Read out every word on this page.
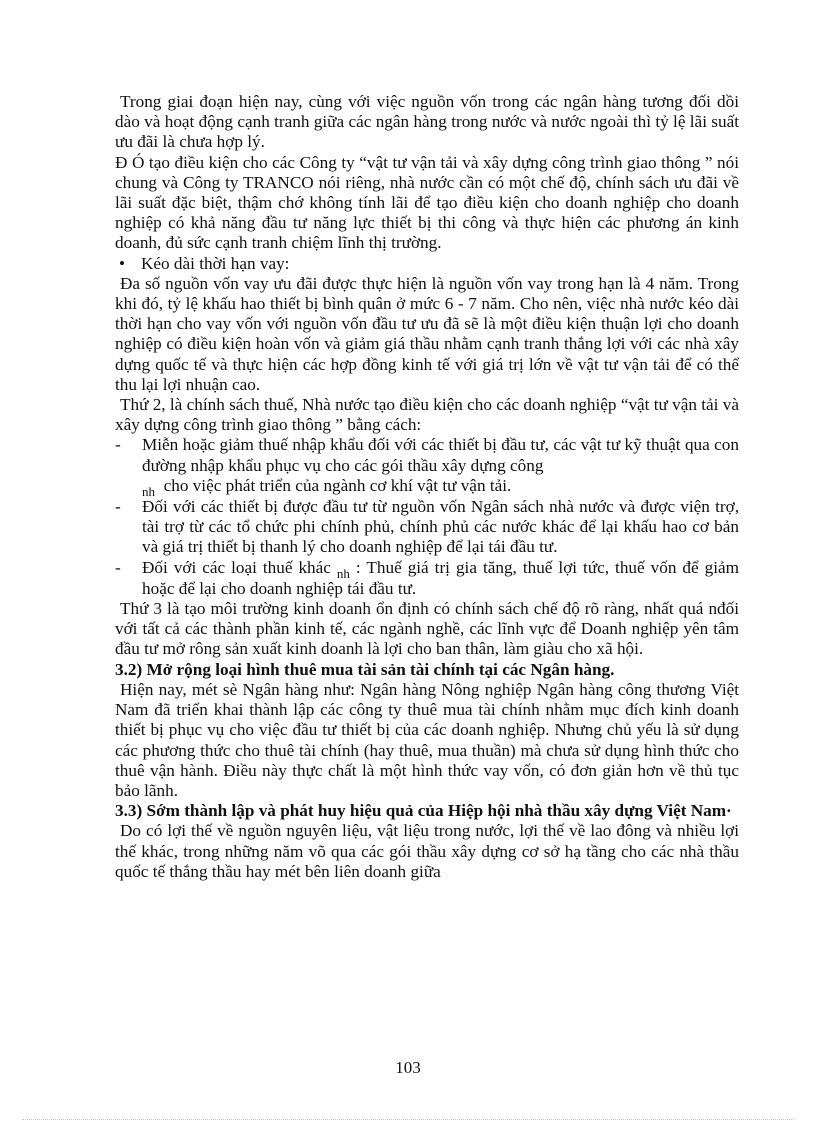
Trong giai đoạn hiện nay, cùng với việc nguồn vốn trong các ngân hàng tương đối dồi dào và hoạt động cạnh tranh giữa các ngân hàng trong nước và nước ngoài thì tỷ lệ lãi suất ưu đãi là chưa hợp lý.

Đ Ó tạo điều kiện cho các Công ty “vật tư vận tải và xây dựng công trình giao thông ” nói chung và Công ty TRANCO nói riêng, nhà nước cần có một chế độ, chính sách ưu đãi về lãi suất đặc biệt, thậm chớ không tính lãi để tạo điều kiện cho doanh nghiệp cho doanh nghiệp có khả năng đầu tư năng lực thiết bị thi công và thực hiện các phương án kinh doanh, đủ sức cạnh tranh chiệm lĩnh thị trường.

• Kéo dài thời hạn vay:

Đa số nguồn vốn vay ưu đãi được thực hiện là nguồn vốn vay trong hạn là 4 năm. Trong khi đó, tỷ lệ khấu hao thiết bị bình quân ở mức 6 - 7 năm. Cho nên, việc nhà nước kéo dài thời hạn cho vay vốn với nguồn vốn đầu tư ưu đã sẽ là một điều kiện thuận lợi cho doanh nghiệp có điều kiện hoàn vốn và giảm giá thầu nhằm cạnh tranh thắng lợi với các nhà xây dựng quốc tế và thực hiện các hợp đồng kinh tế với giá trị lớn về vật tư vận tải để có thể thu lại lợi nhuận cao.

Thứ 2, là chính sách thuế, Nhà nước tạo điều kiện cho các doanh nghiệp “vật tư vận tải và xây dựng công trình giao thông ” bằng cách:

-	Miễn hoặc giảm thuế nhập khẩu đối với các thiết bị đầu tư, các vật tư kỹ thuật qua con đường nhập khẩu phục vụ cho các gói thầu xây dựng công
$_{nh}$ cho việc phát triển của ngành cơ khí vật tư vận tải.
-	Đối với các thiết bị được đầu tư từ nguồn vốn Ngân sách nhà nước và được viện trợ, tài trợ từ các tổ chức phi chính phủ, chính phủ các nước khác để lại khấu hao cơ bản và giá trị thiết bị thanh lý cho doanh nghiệp để lại tái đầu tư.
-	Đối với các loại thuế khác $_{nh}$ : Thuế giá trị gia tăng, thuế lợi tức, thuế vốn để giảm hoặc để lại cho doanh nghiệp tái đầu tư.

Thứ 3 là tạo môi trường kinh doanh ổn định có chính sách chế độ rõ ràng, nhất quá nđối với tất cả các thành phần kinh tế, các ngành nghề, các lĩnh vực để Doanh nghiệp yên tâm đầu tư mở rông sản xuất kinh doanh là lợi cho ban thân, làm giàu cho xã hội.

3.2) Mở rộng loại hình thuê mua tài sản tài chính tại các Ngân hàng.

Hiện nay, mét sè Ngân hàng như: Ngân hàng Nông nghiệp Ngân hàng công thương Việt Nam đã triển khai thành lập các công ty thuê mua tài chính nhằm mục đích kinh doanh thiết bị phục vụ cho việc đầu tư thiết bị của các doanh nghiệp. Nhưng chủ yếu là sử dụng các phương thức cho thuê tài chính (hay thuê, mua thuần) mà chưa sử dụng hình thức cho thuê vận hành. Điều này thực chất là một hình thức vay vốn, có đơn giản hơn về thủ tục bảo lãnh.

3.3) Sớm thành lập và phát huy hiệu quả của Hiệp hội nhà thầu xây dựng Việt Nam·

Do có lợi thế về nguồn nguyên liệu, vật liệu trong nước, lợi thế về lao đông và nhiều lợi thế khác, trong những năm võ qua các gói thầu xây dựng cơ sở hạ tầng cho các nhà thầu quốc tế thắng thầu hay mét bên liên doanh giữa

103
